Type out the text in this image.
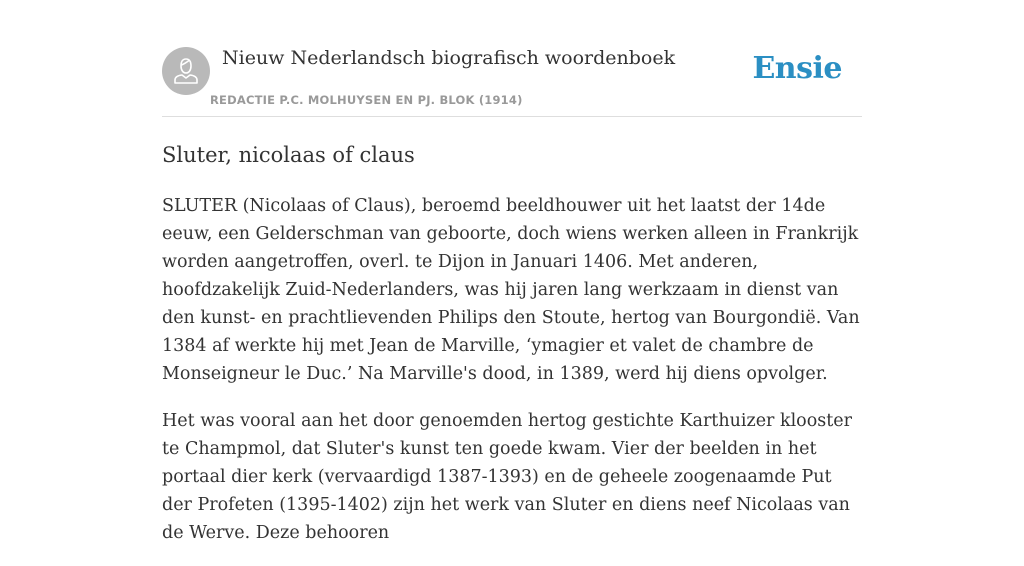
Nieuw Nederlandsch biografisch woordenboek
REDACTIE P.C. MOLHUYSEN EN PJ. BLOK (1914)
Ensie
Sluter, nicolaas of claus

SLUTER (Nicolaas of Claus), beroemd beeldhouwer uit het laatst der 14de eeuw, een Gelderschman van geboorte, doch wiens werken alleen in Frankrijk worden aangetroffen, overl. te Dijon in Januari 1406. Met anderen, hoofdzakelijk Zuid-Nederlanders, was hij jaren lang werkzaam in dienst van den kunst- en prachtlievenden Philips den Stoute, hertog van Bourgondië. Van 1384 af werkte hij met Jean de Marville, ‘ymagier et valet de chambre de Monseigneur le Duc.’ Na Marville's dood, in 1389, werd hij diens opvolger.

Het was vooral aan het door genoemden hertog gestichte Karthuizer klooster te Champmol, dat Sluter's kunst ten goede kwam. Vier der beelden in het portaal dier kerk (vervaardigd 1387-1393) en de geheele zoogenaamde Put der Profeten (1395-1402) zijn het werk van Sluter en diens neef Nicolaas van de Werve. Deze behooren
